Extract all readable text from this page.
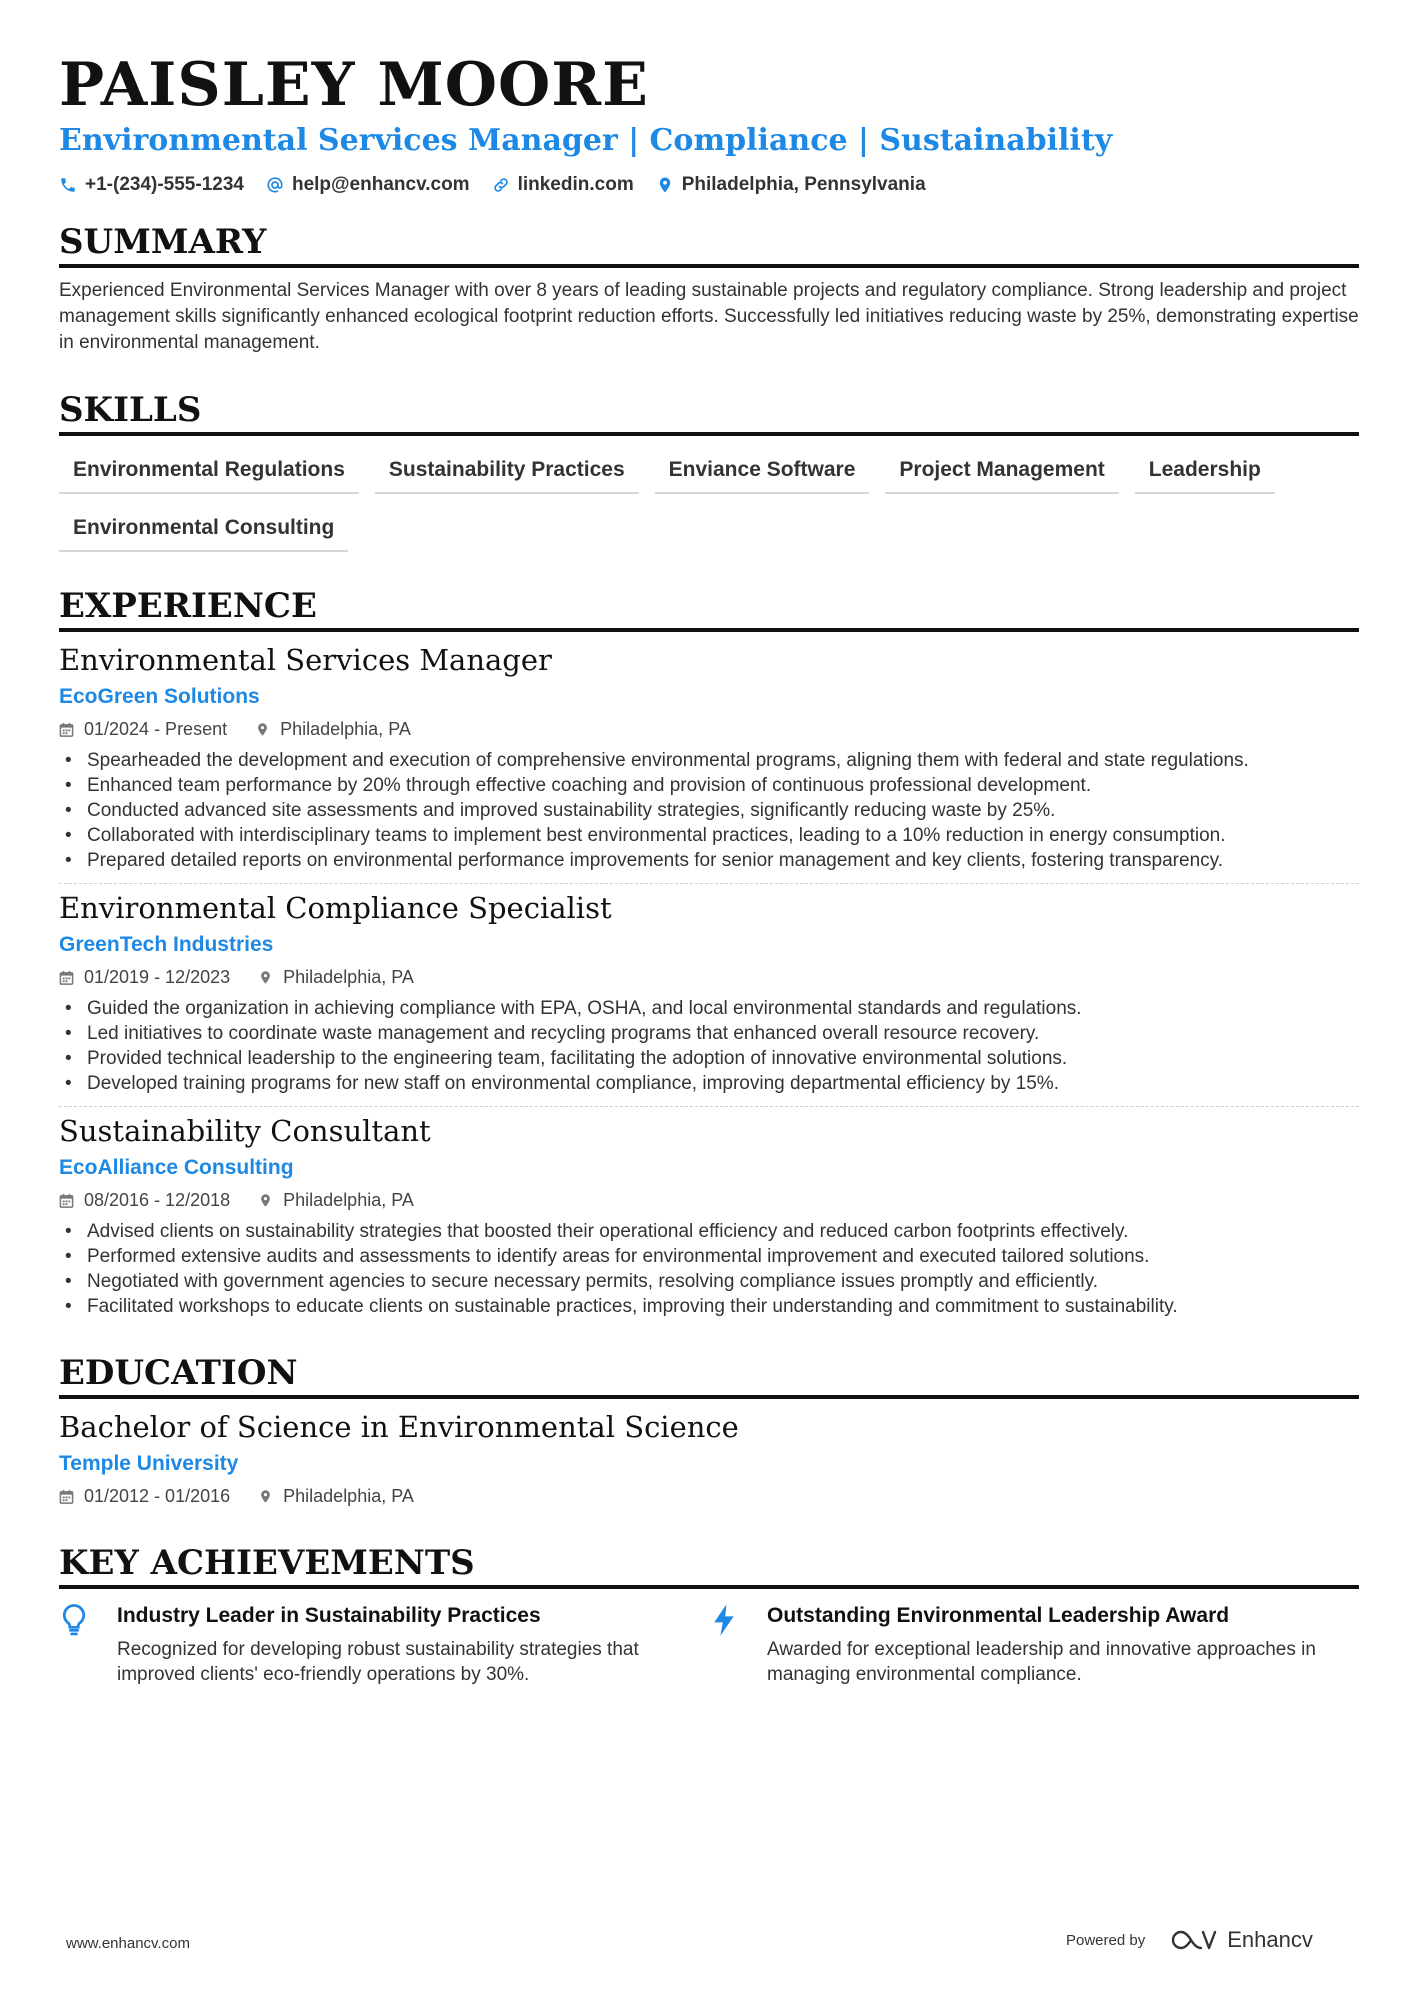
PAISLEY MOORE
Environmental Services Manager | Compliance | Sustainability
+1-(234)-555-1234	help@enhancv.com	linkedin.com	Philadelphia, Pennsylvania
SUMMARY
Experienced Environmental Services Manager with over 8 years of leading sustainable projects and regulatory compliance. Strong leadership and project management skills significantly enhanced ecological footprint reduction efforts. Successfully led initiatives reducing waste by 25%, demonstrating expertise in environmental management.
SKILLS
Environmental Regulations	Sustainability Practices	Enviance Software	Project Management	Leadership
Environmental Consulting
EXPERIENCE
Environmental Services Manager
EcoGreen Solutions
01/2024 - Present	Philadelphia, PA
• Spearheaded the development and execution of comprehensive environmental programs, aligning them with federal and state regulations.
• Enhanced team performance by 20% through effective coaching and provision of continuous professional development.
• Conducted advanced site assessments and improved sustainability strategies, significantly reducing waste by 25%.
• Collaborated with interdisciplinary teams to implement best environmental practices, leading to a 10% reduction in energy consumption.
• Prepared detailed reports on environmental performance improvements for senior management and key clients, fostering transparency.
Environmental Compliance Specialist
GreenTech Industries
01/2019 - 12/2023	Philadelphia, PA
• Guided the organization in achieving compliance with EPA, OSHA, and local environmental standards and regulations.
• Led initiatives to coordinate waste management and recycling programs that enhanced overall resource recovery.
• Provided technical leadership to the engineering team, facilitating the adoption of innovative environmental solutions.
• Developed training programs for new staff on environmental compliance, improving departmental efficiency by 15%.
Sustainability Consultant
EcoAlliance Consulting
08/2016 - 12/2018	Philadelphia, PA
• Advised clients on sustainability strategies that boosted their operational efficiency and reduced carbon footprints effectively.
• Performed extensive audits and assessments to identify areas for environmental improvement and executed tailored solutions.
• Negotiated with government agencies to secure necessary permits, resolving compliance issues promptly and efficiently.
• Facilitated workshops to educate clients on sustainable practices, improving their understanding and commitment to sustainability.
EDUCATION
Bachelor of Science in Environmental Science
Temple University
01/2012 - 01/2016	Philadelphia, PA
KEY ACHIEVEMENTS
Industry Leader in Sustainability Practices
Recognized for developing robust sustainability strategies that improved clients' eco-friendly operations by 30%.
Outstanding Environmental Leadership Award
Awarded for exceptional leadership and innovative approaches in managing environmental compliance.
www.enhancv.com	Powered by	Enhancv
